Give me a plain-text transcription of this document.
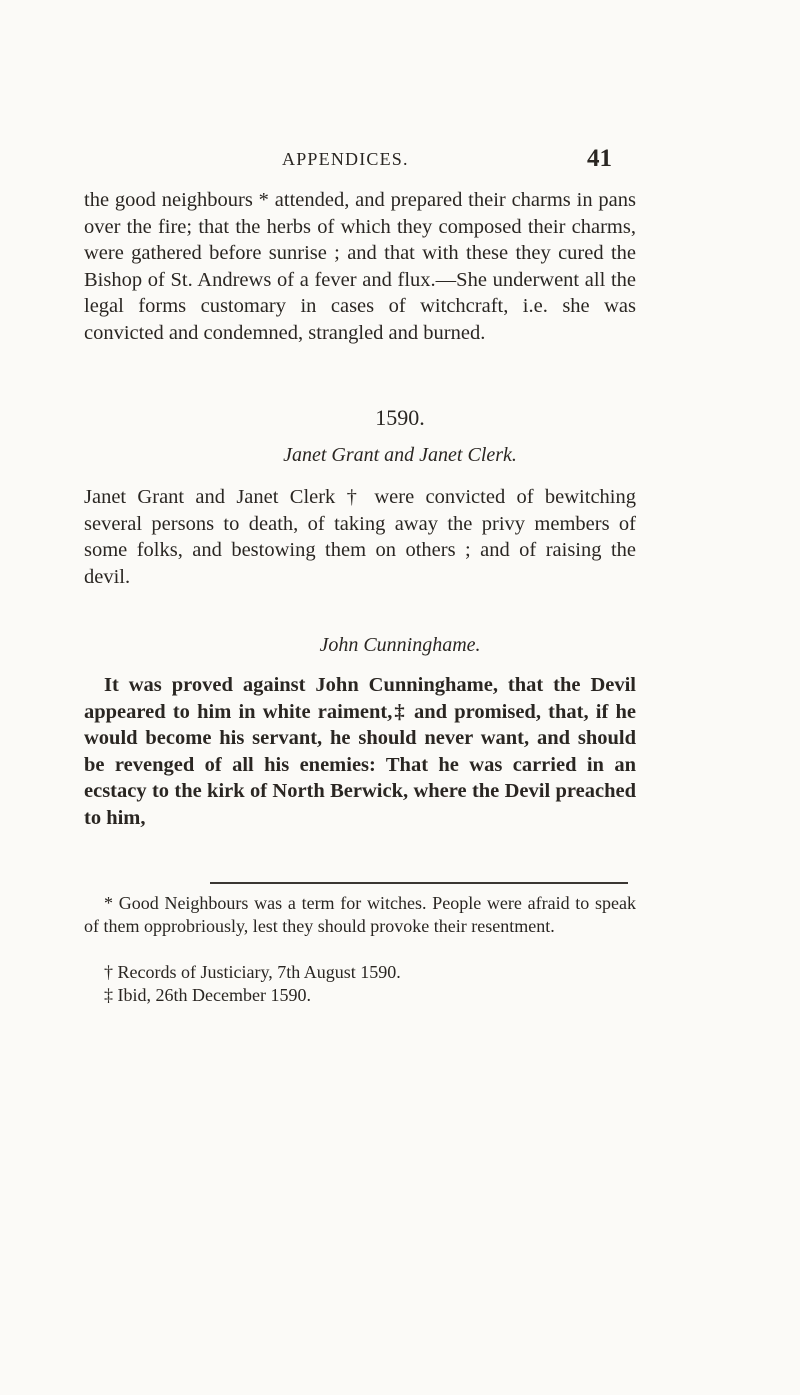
APPENDICES.	41

the good neighbours * attended, and prepared their charms in pans over the fire; that the herbs of which they composed their charms, were gathered before sunrise ; and that with these they cured the Bishop of St. Andrews of a fever and flux.—She underwent all the legal forms customary in cases of witchcraft, i.e. she was convicted and condemned, strangled and burned.

1590.
Janet Grant and Janet Clerk.

Janet Grant and Janet Clerk † were convicted of bewitching several persons to death, of taking away the privy members of some folks, and bestowing them on others ; and of raising the devil.

John Cunninghame.

It was proved against John Cunninghame, that the Devil appeared to him in white raiment,‡ and promised, that, if he would become his servant, he should never want, and should be revenged of all his enemies: That he was carried in an ecstacy to the kirk of North Berwick, where the Devil preached to him,

* Good Neighbours was a term for witches. People were afraid to speak of them opprobriously, lest they should provoke their resentment.

† Records of Justiciary, 7th August 1590.

‡ Ibid, 26th December 1590.
